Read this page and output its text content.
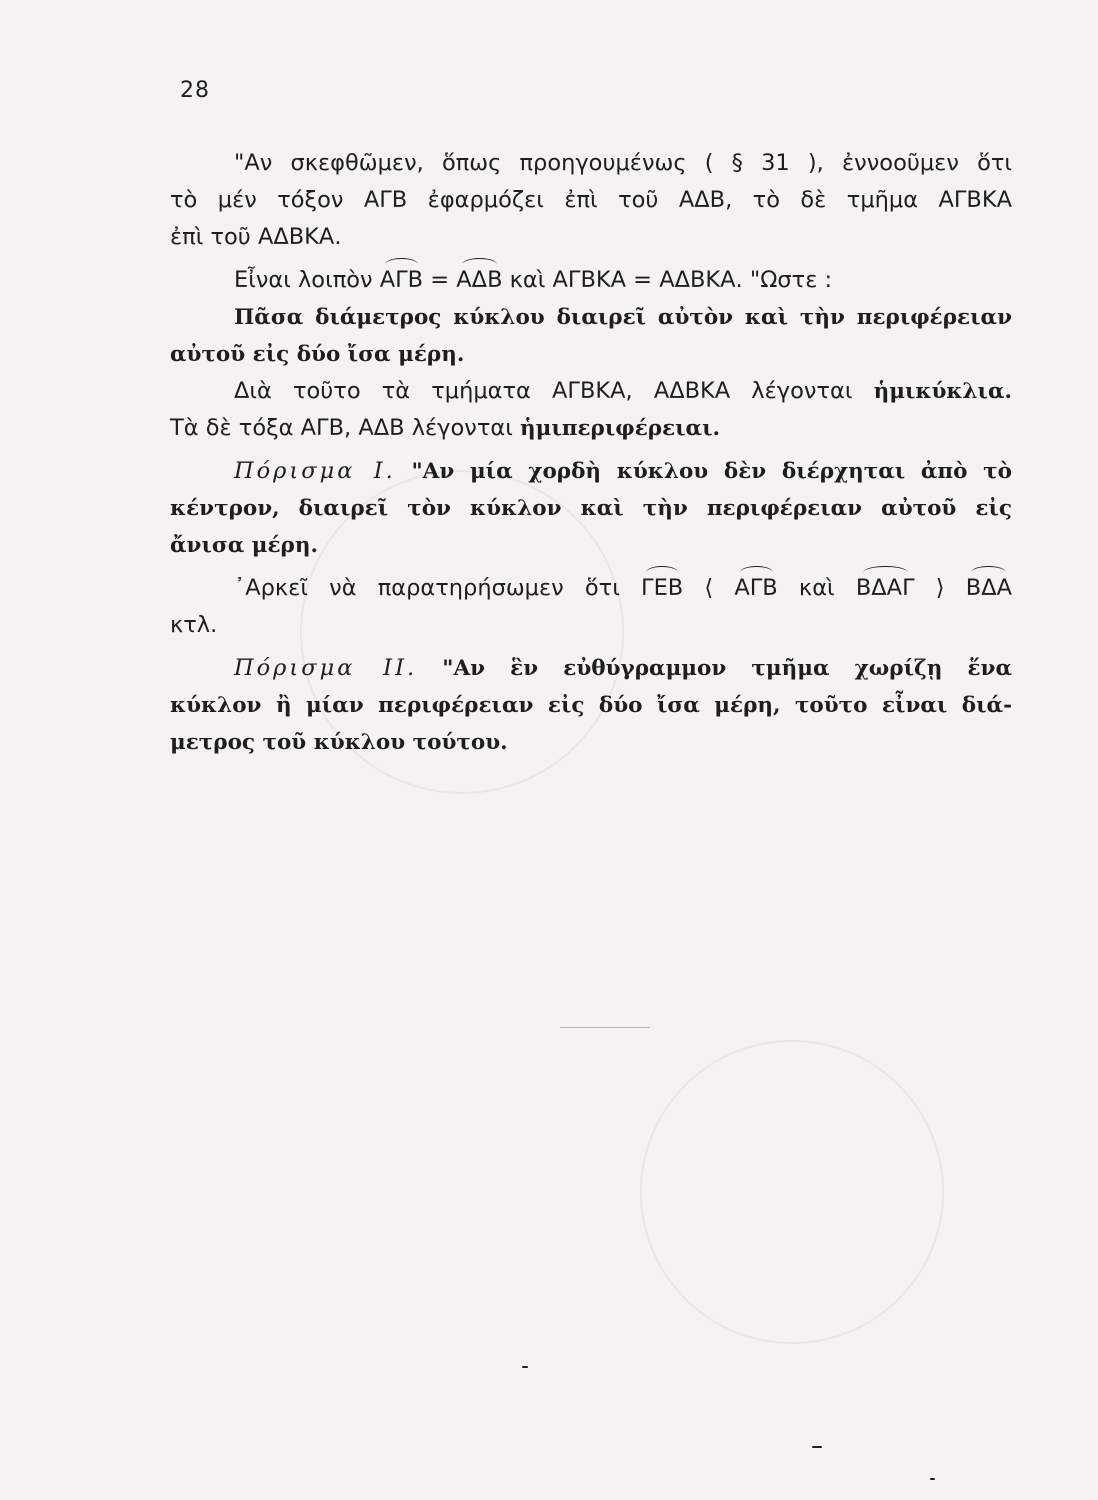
28
"Αν σκεφθῶμεν, ὅπως προηγουμένως ( § 31 ), ἐννοοῦμεν ὅτι
τὸ μέν τόξον ΑΓΒ ἐφαρμόζει ἐπὶ τοῦ ΑΔΒ, τὸ δὲ τμῆμα ΑΓΒΚΑ
ἐπὶ τοῦ ΑΔΒΚΑ.
Εἶναι λοιπὸν ΑΓΒ = ΑΔΒ καὶ ΑΓΒΚΑ = ΑΔΒΚΑ. "Ωστε :
Πᾶσα διάμετρος κύκλου διαιρεῖ αὐτὸν καὶ τὴν περιφέρειαν
αὐτοῦ εἰς δύο ἴσα μέρη.
Διὰ τοῦτο τὰ τμήματα ΑΓΒΚΑ, ΑΔΒΚΑ λέγονται ἡμικύκλια.
Τὰ δὲ τόξα ΑΓΒ, ΑΔΒ λέγονται ἡμιπεριφέρειαι.
Πόρισμα I. "Αν μία χορδὴ κύκλου δὲν διέρχηται ἀπὸ τὸ
κέντρον, διαιρεῖ τὸν κύκλον καὶ τὴν περιφέρειαν αὐτοῦ εἰς
ἄνισα μέρη.
᾿Αρκεῖ νὰ παρατηρήσωμεν ὅτι ΓΕΒ ⟨ ΑΓΒ καὶ ΒΔΑΓ ⟩ ΒΔΑ
κτλ.
Πόρισμα II. "Αν ἓν εὐθύγραμμον τμῆμα χωρίζῃ ἕνα
κύκλον ἢ μίαν περιφέρειαν εἰς δύο ἴσα μέρη, τοῦτο εἶναι διά-
μετρος τοῦ κύκλου τούτου.
